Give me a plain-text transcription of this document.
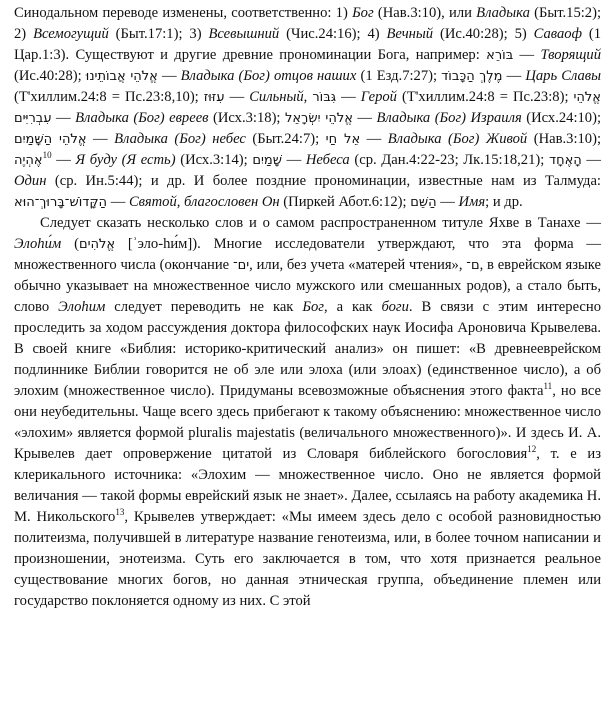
Синодальном переводе изменены, соответственно: 1) Бог (Нав.3:10), или Владыка (Быт.15:2); 2) Всемогущий (Быт.17:1); 3) Всевышний (Чис.24:16); 4) Вечный (Ис.40:28); 5) Саваоф (1 Цар.1:3). Существуют и другие древние прономинации Бога, например: בּוֹרֵא — Творящий (Ис.40:28); אֱלֹהֵי אֲבוֹתֵינוּ — Владыка (Бог) отцов наших (1 Езд.7:27); מֶלֶךְ הַכָּבוֹד — Царь Славы (Т'хиллим.24:8 = Пс.23:8,10); עִזּוּז — Сильный, גִּבּוֹר — Герой (Т'хиллим.24:8 = Пс.23:8); אֱלֹהֵי עִבְרִיִּים — Владыка (Бог) евреев (Исх.3:18); אֱלֹהֵי יִשְׂרָאֵל — Владыка (Бог) Израиля (Исх.24:10); אֱלֹהֵי הַשָּׁמַיִם — Владыка (Бог) небес (Быт.24:7); אֵל חַי — Владыка (Бог) Живой (Нав.3:10); אֶהְיֶה$^{10}$ — Я буду (Я есть) (Исх.3:14); שָׁמַיִם — Небеса (ср. Дан.4:22-23; Лк.15:18,21); הָאֶחָד — Один (ср. Ин.5:44); и др. И более поздние прономинации, известные нам из Талмуда: הַקָּדוֹשׁ־בָּרוּךְ־הוּא — Святой, благословен Он (Пиркей Абот.6:12); הַשֵּׁם — Имя; и др.

Следует сказать несколько слов и о самом распространенном титуле Яхве в Танахе — Элоhи́м (אֱלֹהִים [ʾэло-hи́м]). Многие исследователи утверждают, что эта форма — множественного числа (окончание ים־, или, без учета «матерей чтения», ם־, в еврейском языке обычно указывает на множественное число мужского или смешанных родов), а стало быть, слово Элоhим следует переводить не как Бог, а как боги. В связи с этим интересно проследить за ходом рассуждения доктора философских наук Иосифа Ароновича Крывелева. В своей книге «Библия: историко-критический анализ» он пишет: «В древнееврейском подлиннике Библии говорится не об эле или элоха (или элоах) (единственное число), а об элохим (множественное число). Придуманы всевозможные объяснения этого факта$^{11}$, но все они неубедительны. Чаще всего здесь прибегают к такому объяснению: множественное число «элохим» является формой pluralis majestatis (величального множественного)». И здесь И. А. Крывелев дает опровержение цитатой из Словаря библейского богословия$^{12}$, т. е из клерикального источника: «Элохим — множественное число. Оно не является формой величания — такой формы еврейский язык не знает». Далее, ссылаясь на работу академика Н. М. Никольского$^{13}$, Крывелев утверждает: «Мы имеем здесь дело с особой разновидностью политеизма, получившей в литературе название генотеизма, или, в более точном написании и произношении, энотеизма. Суть его заключается в том, что хотя признается реальное существование многих богов, но данная этническая группа, объединение племен или государство поклоняется одному из них. С этой
